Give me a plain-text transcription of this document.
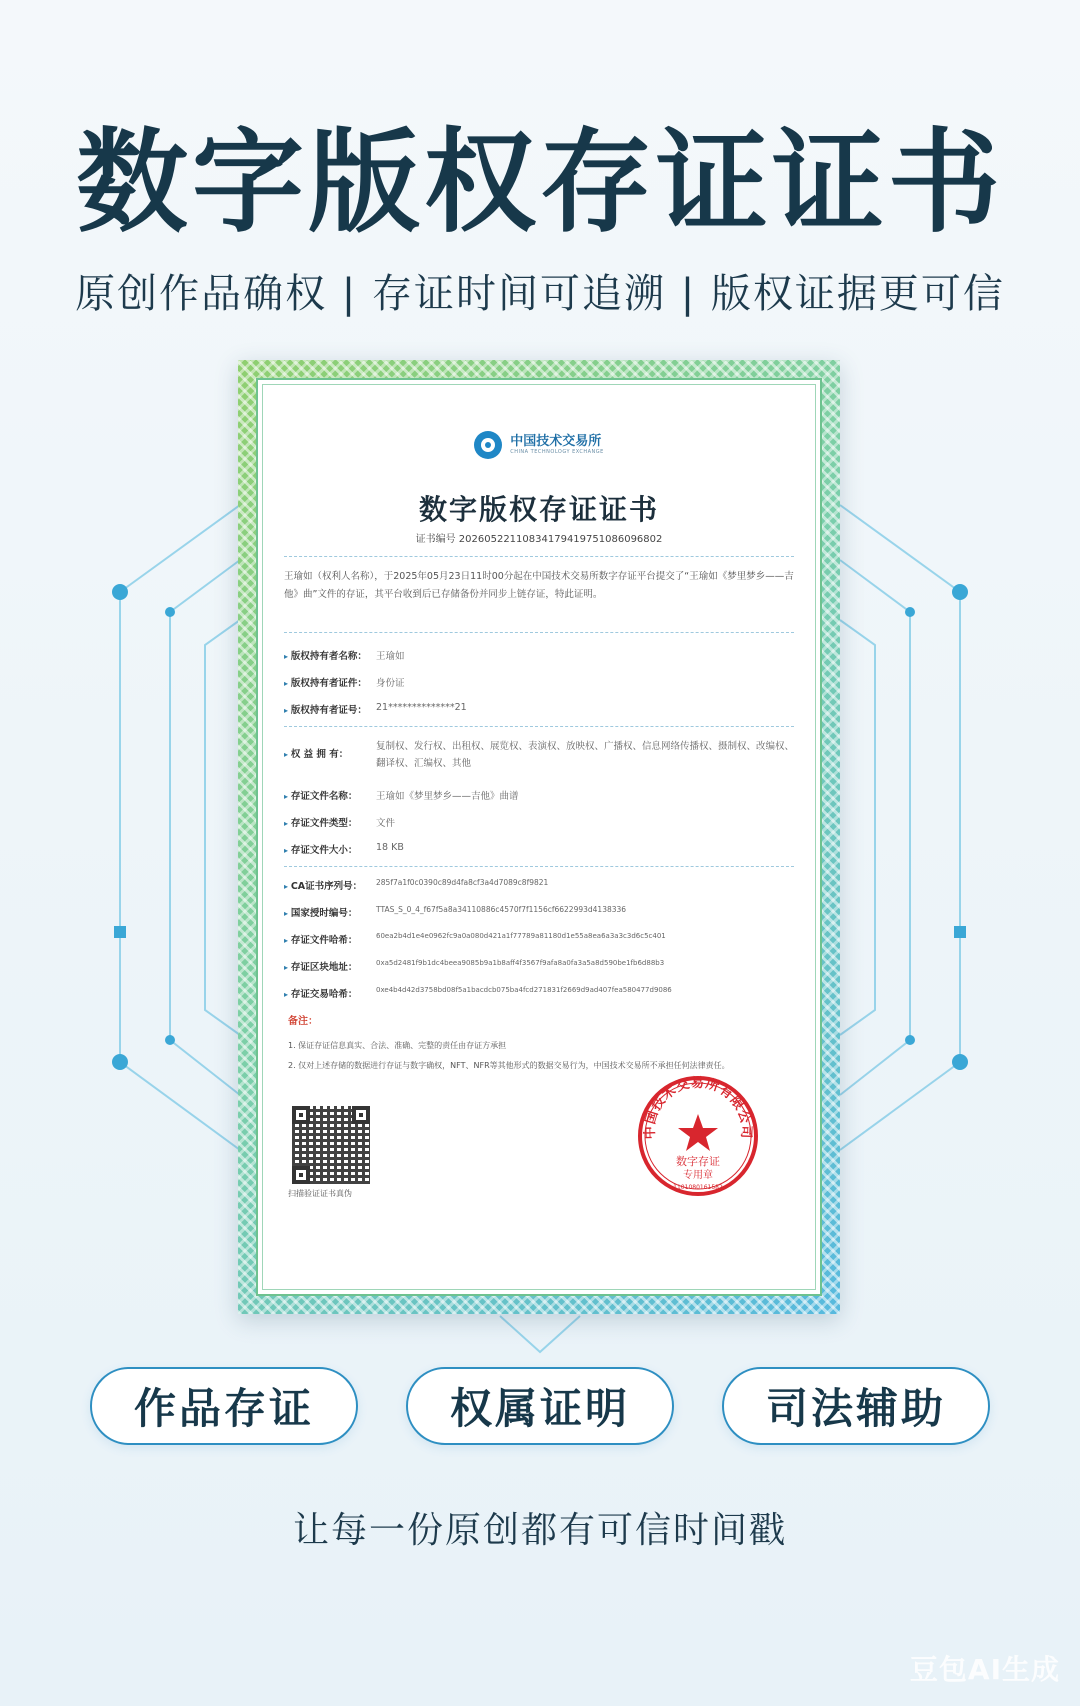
数字版权存证证书
原创作品确权 | 存证时间可追溯 | 版权证据更可信
中国技术交易所
CHINA TECHNOLOGY EXCHANGE
数字版权存证证书
证书编号 20260522110834179419751086096802
王瑜如（权利人名称），于2025年05月23日11时00分起在中国技术交易所数字存证平台提交了“王瑜如《梦里梦乡——吉他》曲”文件的存证，其平台收到后已存储备份并同步上链存证，特此证明。
▸ 版权持有者名称： 王瑜如
▸ 版权持有者证件： 身份证
▸ 版权持有者证号： 21**************21
▸ 权 益 拥 有：
复制权、发行权、出租权、展览权、表演权、放映权、广播权、信息网络传播权、摄制权、改编权、翻译权、汇编权、其他
▸ 存证文件名称：	王瑜如《梦里梦乡——吉他》曲谱
▸ 存证文件类型：	文件
▸ 存证文件大小：	18 KB
▸ CA证书序列号：	285f7a1f0c0390c89d4fa8cf3a4d7089c8f9821
▸ 国家授时编号：	TTAS_S_0_4_f67f5a8a34110886c4570f7f1156cf6622993d4138336
▸ 存证文件哈希：	60ea2b4d1e4e0962fc9a0a080d421a1f77789a81180d1e55a8ea6a3a3c3d6c5c401
▸ 存证区块地址：	0xa5d2481f9b1dc4beea9085b9a1b8aff4f3567f9afa8a0fa3a5a8d590be1fb6d88b3
▸ 存证交易哈希：	0xe4b4d42d3758bd08f5a1bacdcb075ba4fcd271831f2669d9ad407fea580477d9086
备注：
1. 保证存证信息真实、合法、准确、完整的责任由存证方承担
2. 仅对上述存储的数据进行存证与数字确权，NFT、NFR等其他形式的数据交易行为，中国技术交易所不承担任何法律责任。
扫描验证证书真伪
中国技术交易所有限公司
数字存证
专用章
1101080161582
作品存证	权属证明	司法辅助
让每一份原创都有可信时间戳
豆包AI生成
